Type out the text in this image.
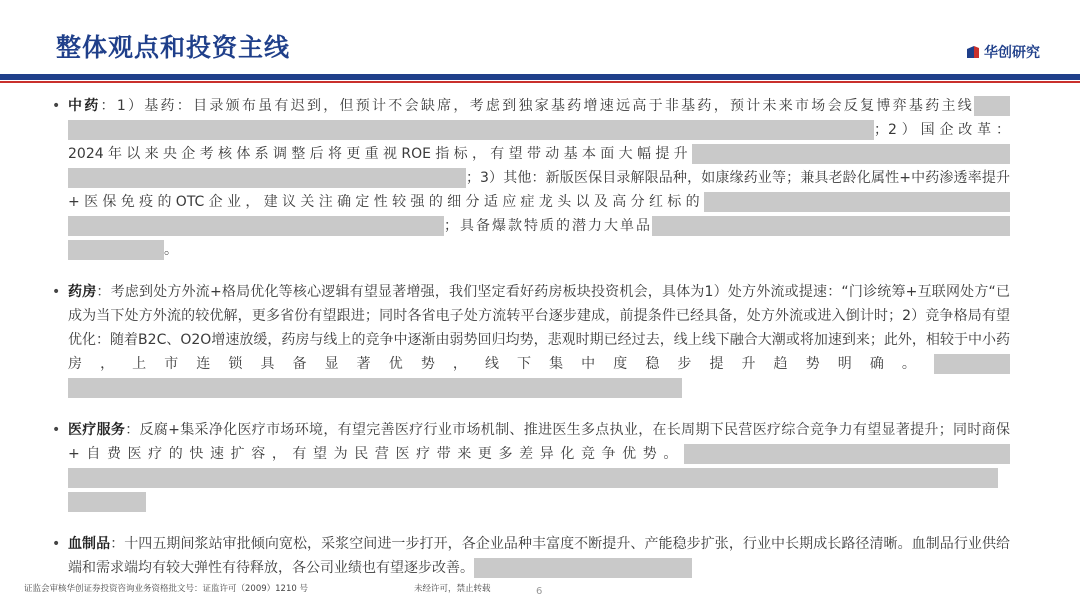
整体观点和投资主线	华创研究
• 中药：1）基药：目录颁布虽有迟到，但预计不会缺席，考虑到独家基药增速远高于非基药，预计未来市场会反复博弈基药主线；2）国企改革：2024年以来央企考核体系调整后将更重视ROE指标，有望带动基本面大幅提升；3）其他：新版医保目录解限品种，如康缘药业等；兼具老龄化属性+中药渗透率提升+医保免疫的OTC企业，建议关注确定性较强的细分适应症龙头以及高分红标的；具备爆款特质的潜力大单品。
• 药房：考虑到处方外流+格局优化等核心逻辑有望显著增强，我们坚定看好药房板块投资机会，具体为1）处方外流或提速：“门诊统筹+互联网处方“已成为当下处方外流的较优解，更多省份有望跟进；同时各省电子处方流转平台逐步建成，前提条件已经具备，处方外流或进入倒计时；2）竞争格局有望优化：随着B2C、O2O增速放缓，药房与线上的竞争中逐渐由弱势回归均势，悲观时期已经过去，线上线下融合大潮或将加速到来；此外，相较于中小药房，上市连锁具备显著优势，线下集中度稳步提升趋势明确。
• 医疗服务：反腐+集采净化医疗市场环境，有望完善医疗行业市场机制、推进医生多点执业，在长周期下民营医疗综合竞争力有望显著提升；同时商保+自费医疗的快速扩容，有望为民营医疗带来更多差异化竞争优势。
• 血制品：十四五期间浆站审批倾向宽松，采浆空间进一步打开，各企业品种丰富度不断提升、产能稳步扩张，行业中长期成长路径清晰。血制品行业供给端和需求端均有较大弹性有待释放，各公司业绩也有望逐步改善。
证监会审核华创证券投资咨询业务资格批文号：证监许可（2009）1210 号	未经许可，禁止转载	6
